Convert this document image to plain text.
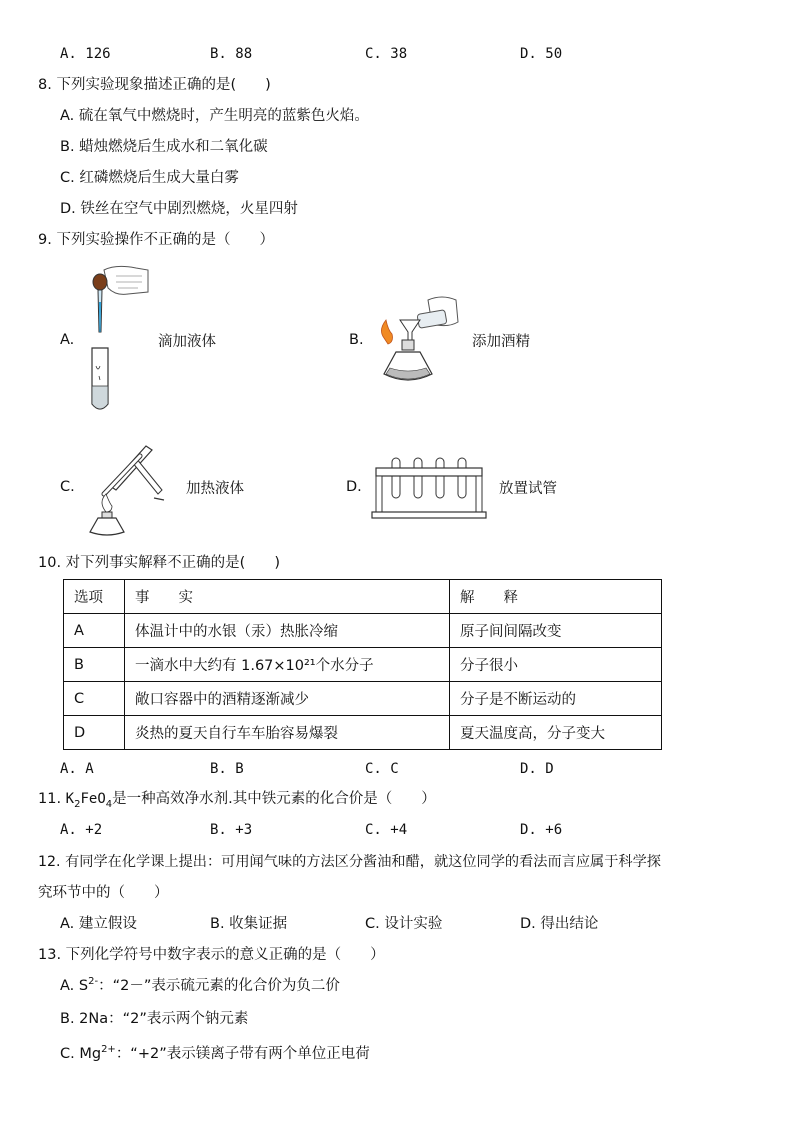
A. 126	B. 88	C. 38	D. 50
8. 下列实验现象描述正确的是(　　)
A. 硫在氧气中燃烧时，产生明亮的蓝紫色火焰。
B. 蜡烛燃烧后生成水和二氧化碳
C. 红磷燃烧后生成大量白雾
D. 铁丝在空气中剧烈燃烧，火星四射
9. 下列实验操作不正确的是（　　）
A.	滴加液体	B.	添加酒精
C.	加热液体	D.	放置试管
10. 对下列事实解释不正确的是(　　)
选项	事　　实	解　　释
A	体温计中的水银（汞）热胀冷缩	原子间间隔改变
B	一滴水中大约有 1.67×10²¹个水分子	分子很小
C	敞口容器中的酒精逐渐减少	分子是不断运动的
D	炎热的夏天自行车车胎容易爆裂	夏天温度高，分子变大
A. A	B. B	C. C	D. D
11. $K_2FeO_4$是一种高效净水剂.其中铁元素的化合价是（　　）
A. +2	B. +3	C. +4	D. +6
12. 有同学在化学课上提出：可用闻气味的方法区分酱油和醋，就这位同学的看法而言应属于科学探
究环节中的（　　）
A. 建立假设	B. 收集证据	C. 设计实验	D. 得出结论
13. 下列化学符号中数字表示的意义正确的是（　　）
A. $S^{2-}$：“2－”表示硫元素的化合价为负二价
B. 2Na：“2”表示两个钠元素
C. $Mg^{2+}$：“+2”表示镁离子带有两个单位正电荷
